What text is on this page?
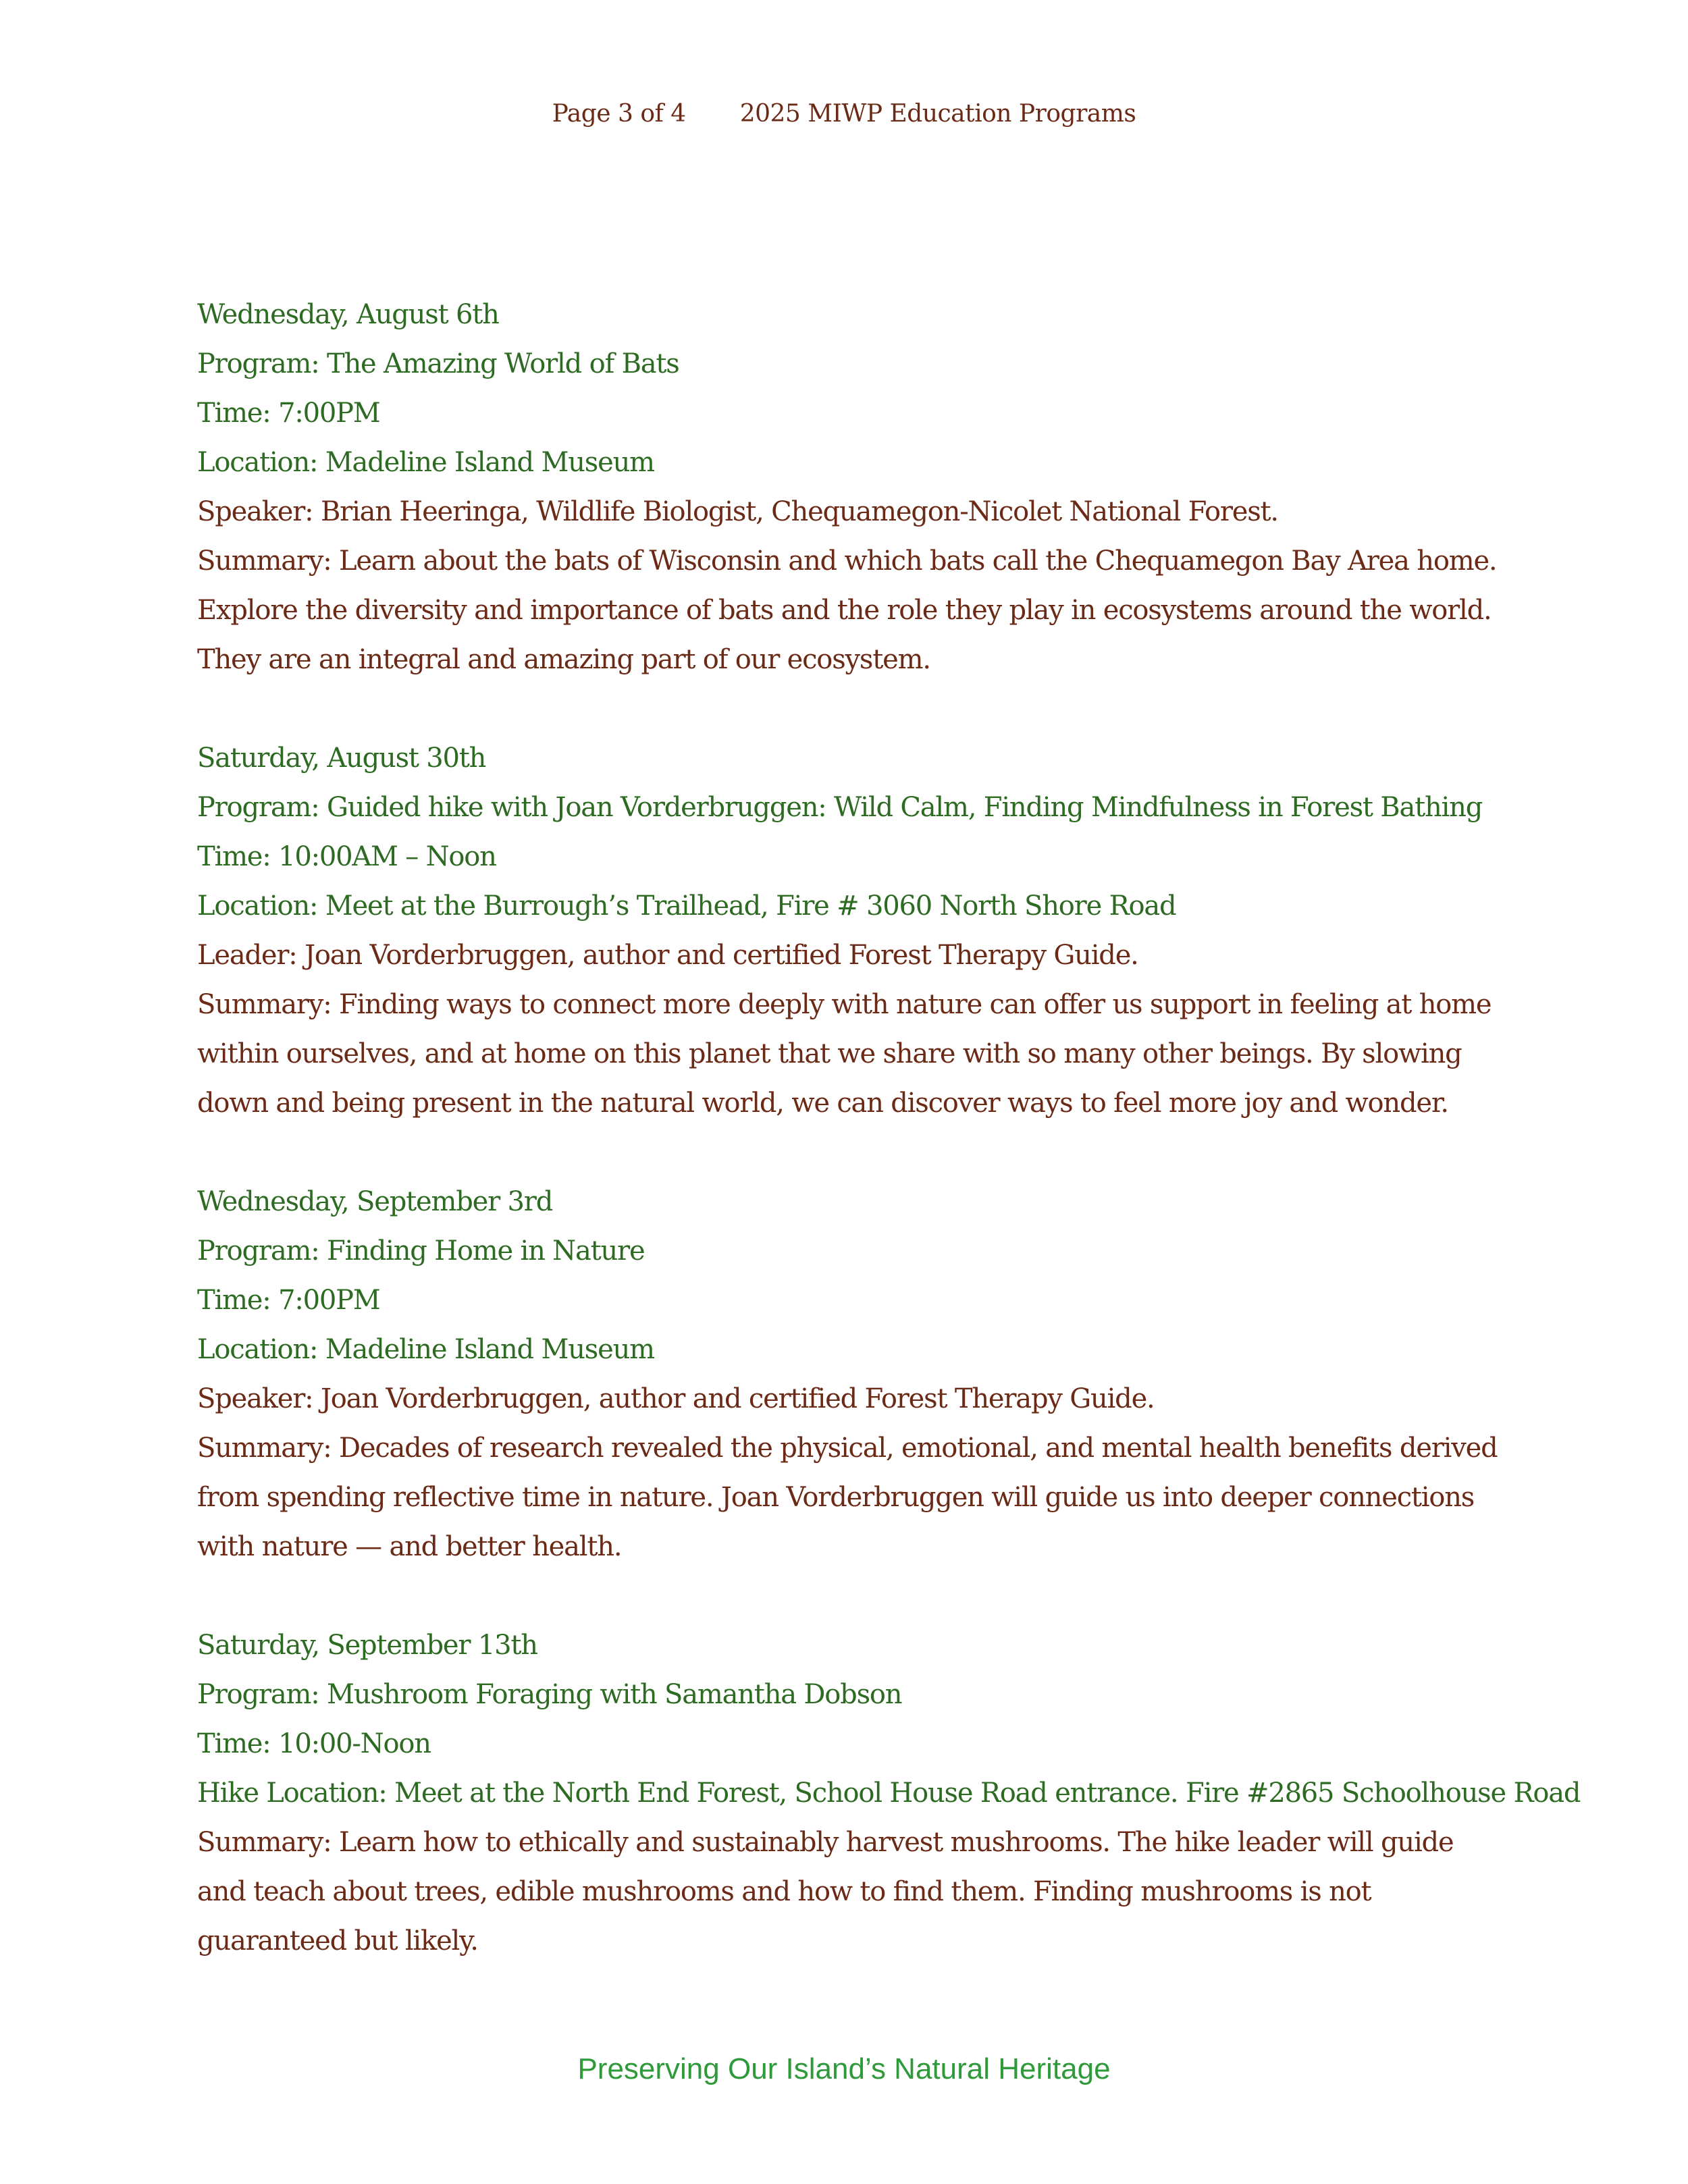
Page 3 of 4 2025 MIWP Education Programs
Wednesday, August 6th
Program: The Amazing World of Bats
Time: 7:00PM
Location: Madeline Island Museum
Speaker: Brian Heeringa, Wildlife Biologist, Chequamegon-Nicolet National Forest.
Summary: Learn about the bats of Wisconsin and which bats call the Chequamegon Bay Area home. Explore the diversity and importance of bats and the role they play in ecosystems around the world. They are an integral and amazing part of our ecosystem.
Saturday, August 30th
Program: Guided hike with Joan Vorderbruggen: Wild Calm, Finding Mindfulness in Forest Bathing
Time: 10:00AM – Noon
Location: Meet at the Burrough’s Trailhead, Fire # 3060 North Shore Road
Leader: Joan Vorderbruggen, author and certified Forest Therapy Guide.
Summary: Finding ways to connect more deeply with nature can offer us support in feeling at home within ourselves, and at home on this planet that we share with so many other beings. By slowing down and being present in the natural world, we can discover ways to feel more joy and wonder.
Wednesday, September 3rd
Program: Finding Home in Nature
Time: 7:00PM
Location: Madeline Island Museum
Speaker: Joan Vorderbruggen, author and certified Forest Therapy Guide.
Summary: Decades of research revealed the physical, emotional, and mental health benefits derived from spending reflective time in nature. Joan Vorderbruggen will guide us into deeper connections with nature — and better health.
Saturday, September 13th
Program: Mushroom Foraging with Samantha Dobson
Time: 10:00-Noon
Hike Location: Meet at the North End Forest, School House Road entrance. Fire #2865 Schoolhouse Road
Summary: Learn how to ethically and sustainably harvest mushrooms. The hike leader will guide and teach about trees, edible mushrooms and how to find them. Finding mushrooms is not guaranteed but likely.
Preserving Our Island’s Natural Heritage
